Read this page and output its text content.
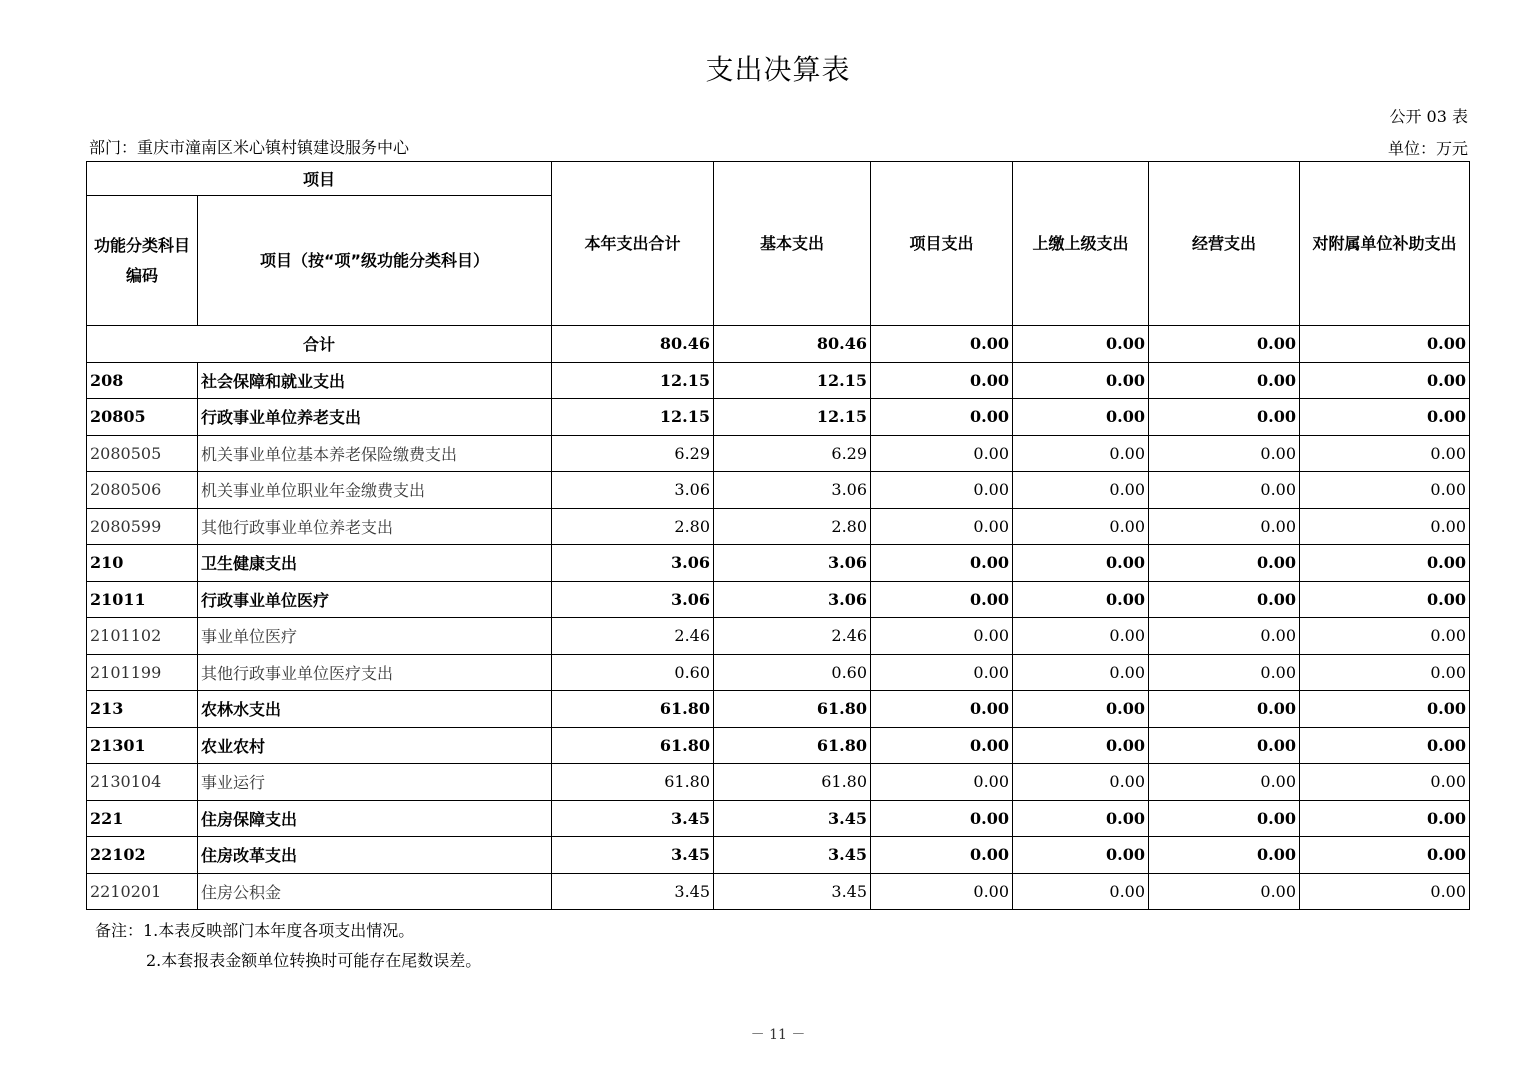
支出决算表
公开 03 表
部门：重庆市潼南区米心镇村镇建设服务中心	单位：万元
项目		本年支出合计	基本支出	项目支出	上缴上级支出	经营支出	对附属单位补助支出
功能分类科目编码	项目（按“项”级功能分类科目）						
合计		80.46	80.46	0.00	0.00	0.00	0.00
208	社会保障和就业支出	12.15	12.15	0.00	0.00	0.00	0.00
20805	行政事业单位养老支出	12.15	12.15	0.00	0.00	0.00	0.00
2080505	机关事业单位基本养老保险缴费支出	6.29	6.29	0.00	0.00	0.00	0.00
2080506	机关事业单位职业年金缴费支出	3.06	3.06	0.00	0.00	0.00	0.00
2080599	其他行政事业单位养老支出	2.80	2.80	0.00	0.00	0.00	0.00
210	卫生健康支出	3.06	3.06	0.00	0.00	0.00	0.00
21011	行政事业单位医疗	3.06	3.06	0.00	0.00	0.00	0.00
2101102	事业单位医疗	2.46	2.46	0.00	0.00	0.00	0.00
2101199	其他行政事业单位医疗支出	0.60	0.60	0.00	0.00	0.00	0.00
213	农林水支出	61.80	61.80	0.00	0.00	0.00	0.00
21301	农业农村	61.80	61.80	0.00	0.00	0.00	0.00
2130104	事业运行	61.80	61.80	0.00	0.00	0.00	0.00
221	住房保障支出	3.45	3.45	0.00	0.00	0.00	0.00
22102	住房改革支出	3.45	3.45	0.00	0.00	0.00	0.00
2210201	住房公积金	3.45	3.45	0.00	0.00	0.00	0.00
备注：1.本表反映部门本年度各项支出情况。
2.本套报表金额单位转换时可能存在尾数误差。
－ 11 －
